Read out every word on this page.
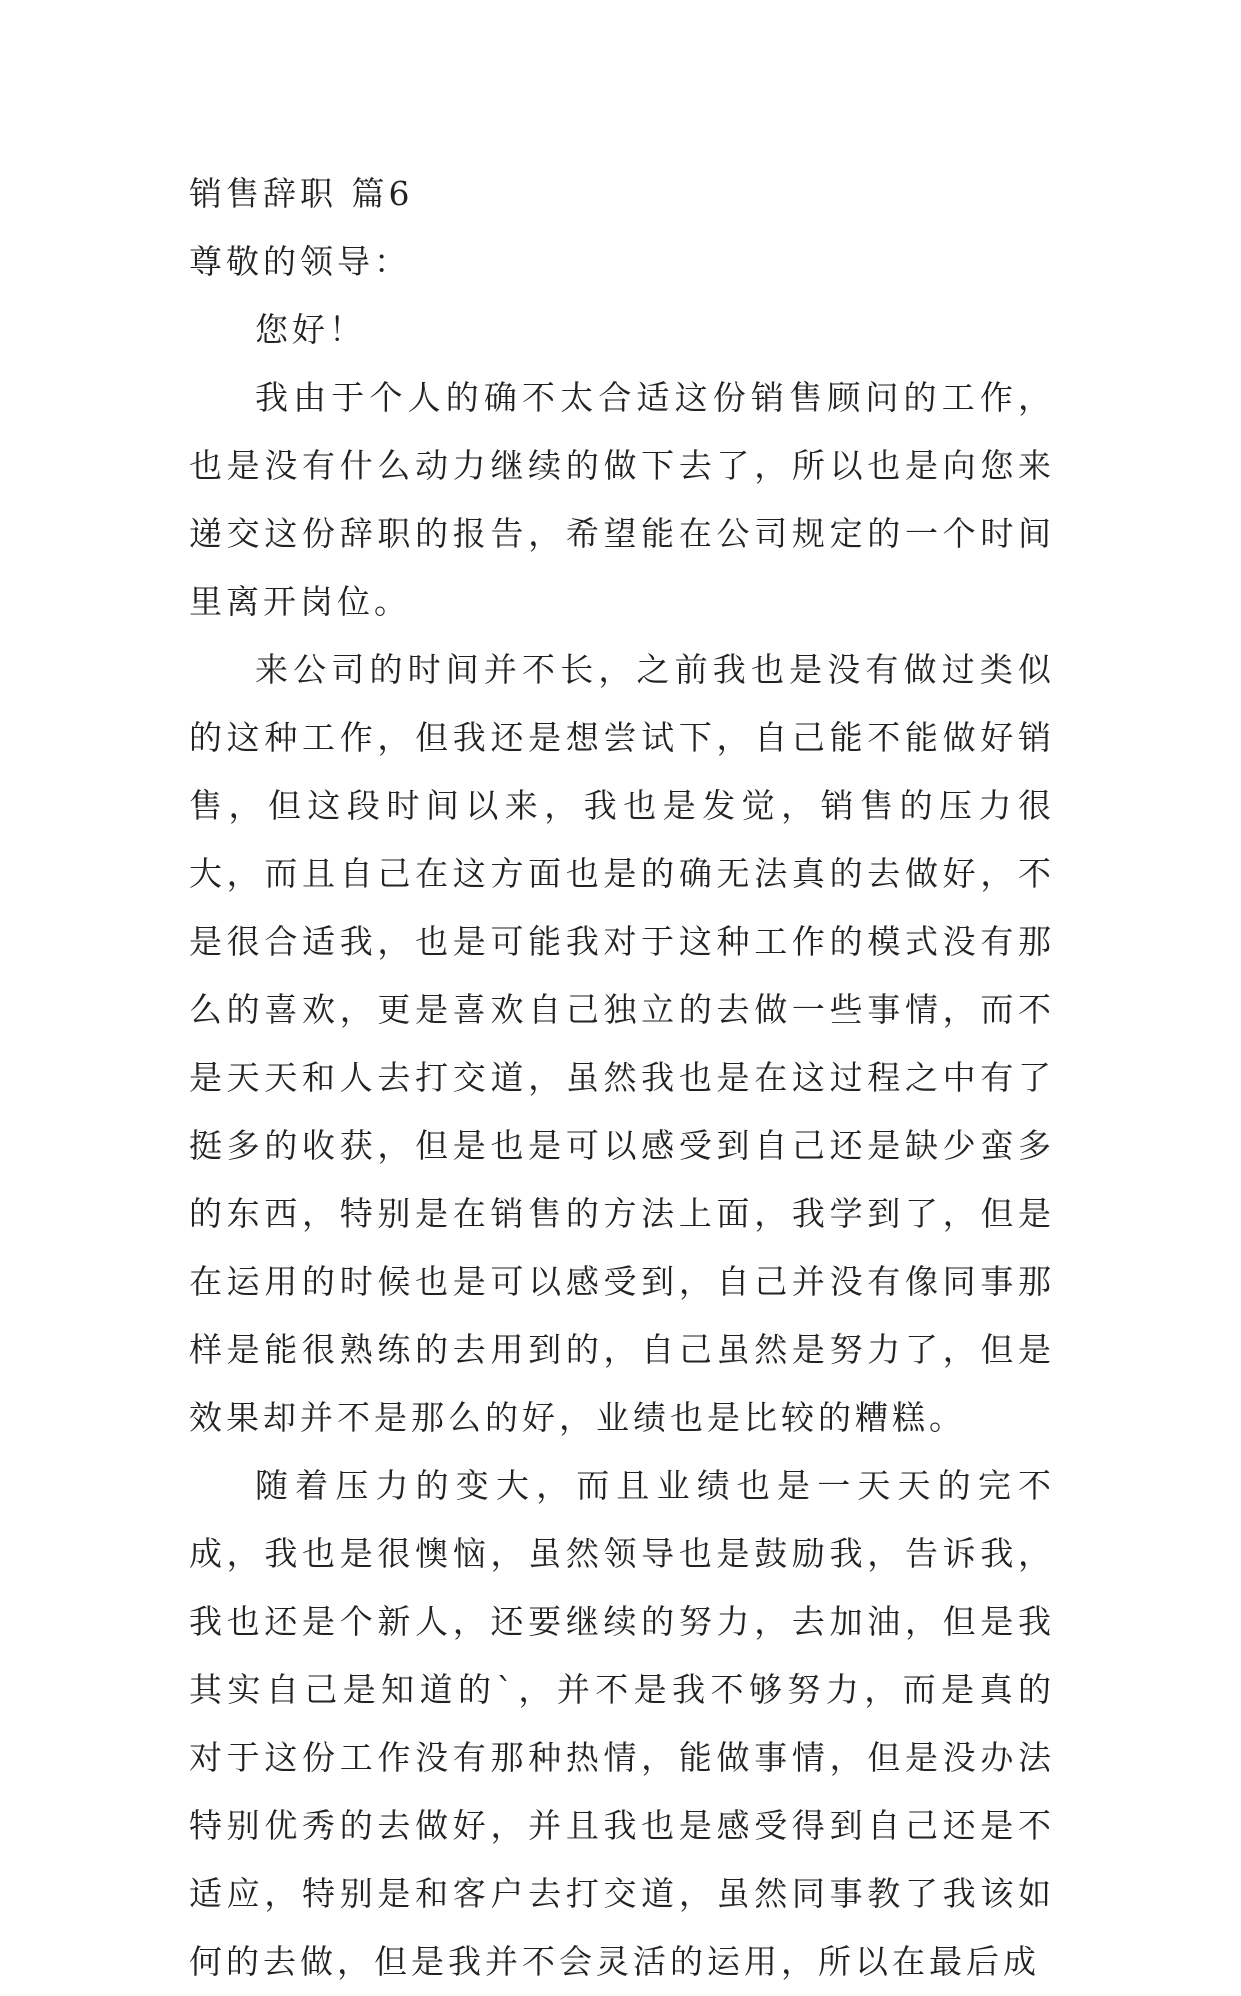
销售辞职 篇6

尊敬的领导：

您好！

我由于个人的确不太合适这份销售顾问的工作，也是没有什么动力继续的做下去了，所以也是向您来递交这份辞职的报告，希望能在公司规定的一个时间里离开岗位。

来公司的时间并不长，之前我也是没有做过类似的这种工作，但我还是想尝试下，自己能不能做好销售，但这段时间以来，我也是发觉，销售的压力很大，而且自己在这方面也是的确无法真的去做好，不是很合适我，也是可能我对于这种工作的模式没有那么的喜欢，更是喜欢自己独立的去做一些事情，而不是天天和人去打交道，虽然我也是在这过程之中有了挺多的收获，但是也是可以感受到自己还是缺少蛮多的东西，特别是在销售的方法上面，我学到了，但是在运用的时候也是可以感受到，自己并没有像同事那样是能很熟练的去用到的，自己虽然是努力了，但是效果却并不是那么的好，业绩也是比较的糟糕。

随着压力的变大，而且业绩也是一天天的完不成，我也是很懊恼，虽然领导也是鼓励我，告诉我，我也还是个新人，还要继续的努力，去加油，但是我其实自己是知道的`，并不是我不够努力，而是真的对于这份工作没有那种热情，能做事情，但是没办法特别优秀的去做好，并且我也是感受得到自己还是不适应，特别是和客户去打交道，虽然同事教了我该如何的去做，但是我并不会灵活的运用，所以在最后成
